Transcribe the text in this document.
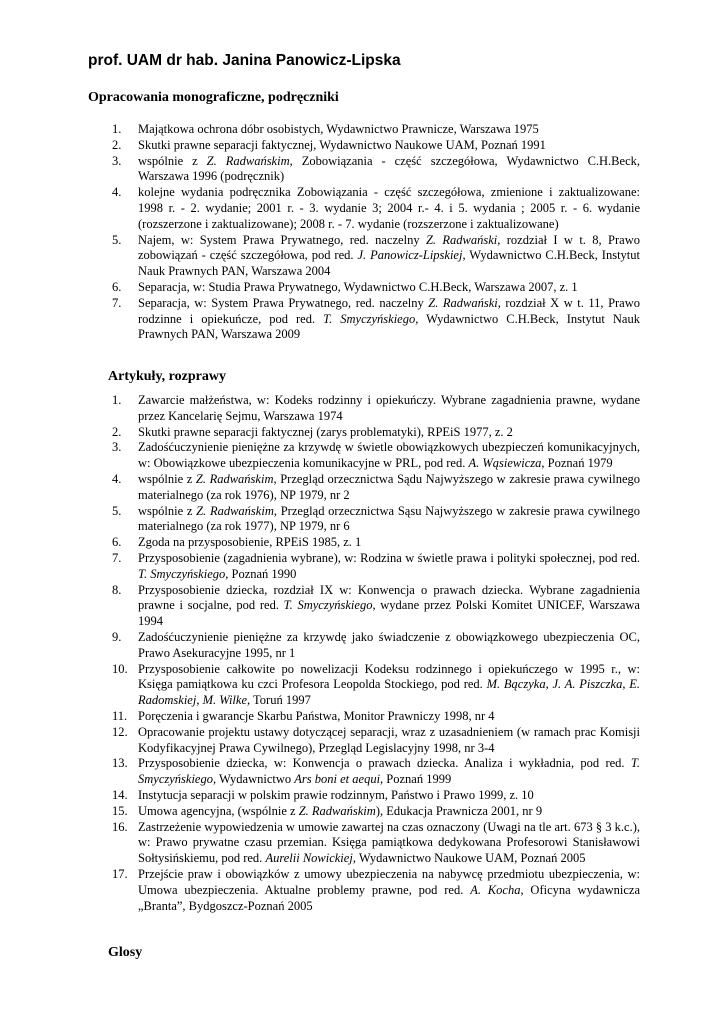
prof. UAM dr hab. Janina Panowicz-Lipska
Opracowania monograficzne, podręczniki
1. Majątkowa ochrona dóbr osobistych, Wydawnictwo Prawnicze, Warszawa 1975
2. Skutki prawne separacji faktycznej, Wydawnictwo Naukowe UAM, Poznań 1991
3. wspólnie z Z. Radwańskim, Zobowiązania - część szczegółowa, Wydawnictwo C.H.Beck, Warszawa 1996 (podręcznik)
4. kolejne wydania podręcznika Zobowiązania - część szczegółowa, zmienione i zaktualizowane: 1998 r. - 2. wydanie; 2001 r. - 3. wydanie 3; 2004 r.- 4. i 5. wydania ; 2005 r. - 6. wydanie (rozszerzone i zaktualizowane); 2008 r. - 7. wydanie (rozszerzone i zaktualizowane)
5. Najem, w: System Prawa Prywatnego, red. naczelny Z. Radwański, rozdział I w t. 8, Prawo zobowiązań - część szczegółowa, pod red. J. Panowicz-Lipskiej, Wydawnictwo C.H.Beck, Instytut Nauk Prawnych PAN, Warszawa 2004
6. Separacja, w: Studia Prawa Prywatnego, Wydawnictwo C.H.Beck, Warszawa 2007, z. 1
7. Separacja, w: System Prawa Prywatnego, red. naczelny Z. Radwański, rozdział X w t. 11, Prawo rodzinne i opiekuńcze, pod red. T. Smyczyńskiego, Wydawnictwo C.H.Beck, Instytut Nauk Prawnych PAN, Warszawa 2009
Artykuły, rozprawy
1. Zawarcie małżeństwa, w: Kodeks rodzinny i opiekuńczy. Wybrane zagadnienia prawne, wydane przez Kancelarię Sejmu, Warszawa 1974
2. Skutki prawne separacji faktycznej (zarys problematyki), RPEiS 1977, z. 2
3. Zadośćuczynienie pieniężne za krzywdę w świetle obowiązkowych ubezpieczeń komunikacyjnych, w: Obowiązkowe ubezpieczenia komunikacyjne w PRL, pod red. A. Wąsiewicza, Poznań 1979
4. wspólnie z Z. Radwańskim, Przegląd orzecznictwa Sądu Najwyższego w zakresie prawa cywilnego materialnego (za rok 1976), NP 1979, nr 2
5. wspólnie z Z. Radwańskim, Przegląd orzecznictwa Sąsu Najwyższego w zakresie prawa cywilnego materialnego (za rok 1977), NP 1979, nr 6
6. Zgoda na przysposobienie, RPEiS 1985, z. 1
7. Przysposobienie (zagadnienia wybrane), w: Rodzina w świetle prawa i polityki społecznej, pod red. T. Smyczyńskiego, Poznań 1990
8. Przysposobienie dziecka, rozdział IX w: Konwencja o prawach dziecka. Wybrane zagadnienia prawne i socjalne, pod red. T. Smyczyńskiego, wydane przez Polski Komitet UNICEF, Warszawa 1994
9. Zadośćuczynienie pieniężne za krzywdę jako świadczenie z obowiązkowego ubezpieczenia OC, Prawo Asekuracyjne 1995, nr 1
10. Przysposobienie całkowite po nowelizacji Kodeksu rodzinnego i opiekuńczego w 1995 r., w: Księga pamiątkowa ku czci Profesora Leopolda Stockiego, pod red. M. Bączyka, J. A. Piszczka, E. Radomskiej, M. Wilke, Toruń 1997
11. Poręczenia i gwarancje Skarbu Państwa, Monitor Prawniczy 1998, nr 4
12. Opracowanie projektu ustawy dotyczącej separacji, wraz z uzasadnieniem (w ramach prac Komisji Kodyfikacyjnej Prawa Cywilnego), Przegląd Legislacyjny 1998, nr 3-4
13. Przysposobienie dziecka, w: Konwencja o prawach dziecka. Analiza i wykładnia, pod red. T. Smyczyńskiego, Wydawnictwo Ars boni et aequi, Poznań 1999
14. Instytucja separacji w polskim prawie rodzinnym, Państwo i Prawo 1999, z. 10
15. Umowa agencyjna, (wspólnie z Z. Radwańskim), Edukacja Prawnicza 2001, nr 9
16. Zastrzeżenie wypowiedzenia w umowie zawartej na czas oznaczony (Uwagi na tle art. 673 § 3 k.c.), w: Prawo prywatne czasu przemian. Księga pamiątkowa dedykowana Profesorowi Stanisławowi Sołtysińskiemu, pod red. Aurelii Nowickiej, Wydawnictwo Naukowe UAM, Poznań 2005
17. Przejście praw i obowiązków z umowy ubezpieczenia na nabywcę przedmiotu ubezpieczenia, w: Umowa ubezpieczenia. Aktualne problemy prawne, pod red. A. Kocha, Oficyna wydawnicza „Branta”, Bydgoszcz-Poznań 2005
Glosy
